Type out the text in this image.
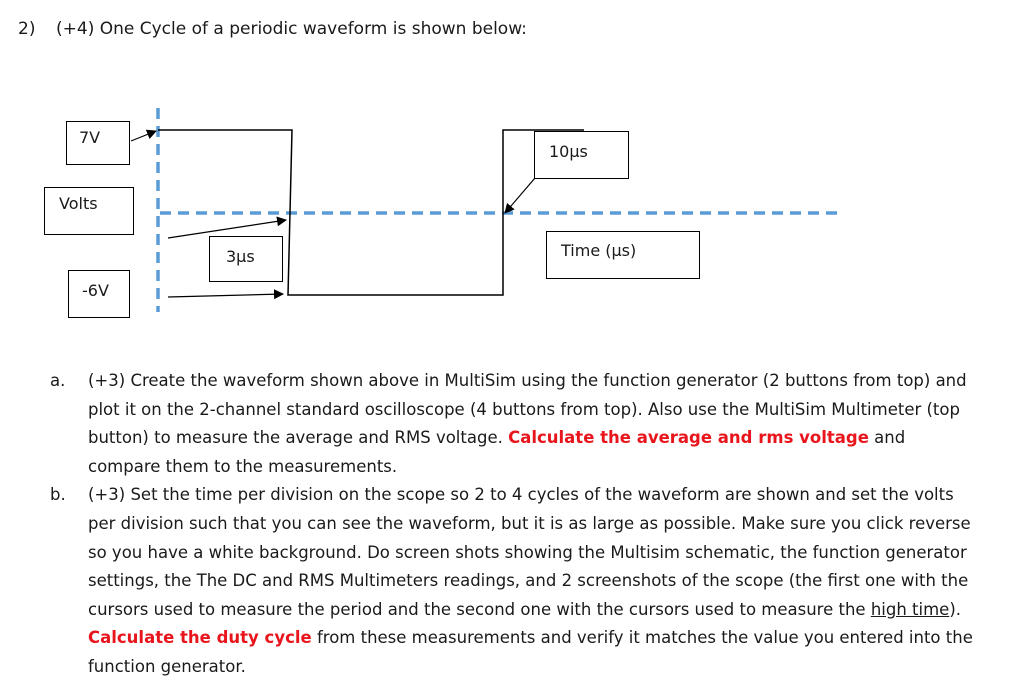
2) (+4) One Cycle of a periodic waveform is shown below:
7V
Volts
-6V
3µs
10µs
Time (µs)
a.	(+3) Create the waveform shown above in MultiSim using the function generator (2 buttons from top) and plot it on the 2-channel standard oscilloscope (4 buttons from top). Also use the MultiSim Multimeter (top button) to measure the average and RMS voltage. Calculate the average and rms voltage and compare them to the measurements.
b.	(+3) Set the time per division on the scope so 2 to 4 cycles of the waveform are shown and set the volts per division such that you can see the waveform, but it is as large as possible. Make sure you click reverse so you have a white background. Do screen shots showing the Multisim schematic, the function generator settings, the The DC and RMS Multimeters readings, and 2 screenshots of the scope (the first one with the cursors used to measure the period and the second one with the cursors used to measure the high time). Calculate the duty cycle from these measurements and verify it matches the value you entered into the function generator.
